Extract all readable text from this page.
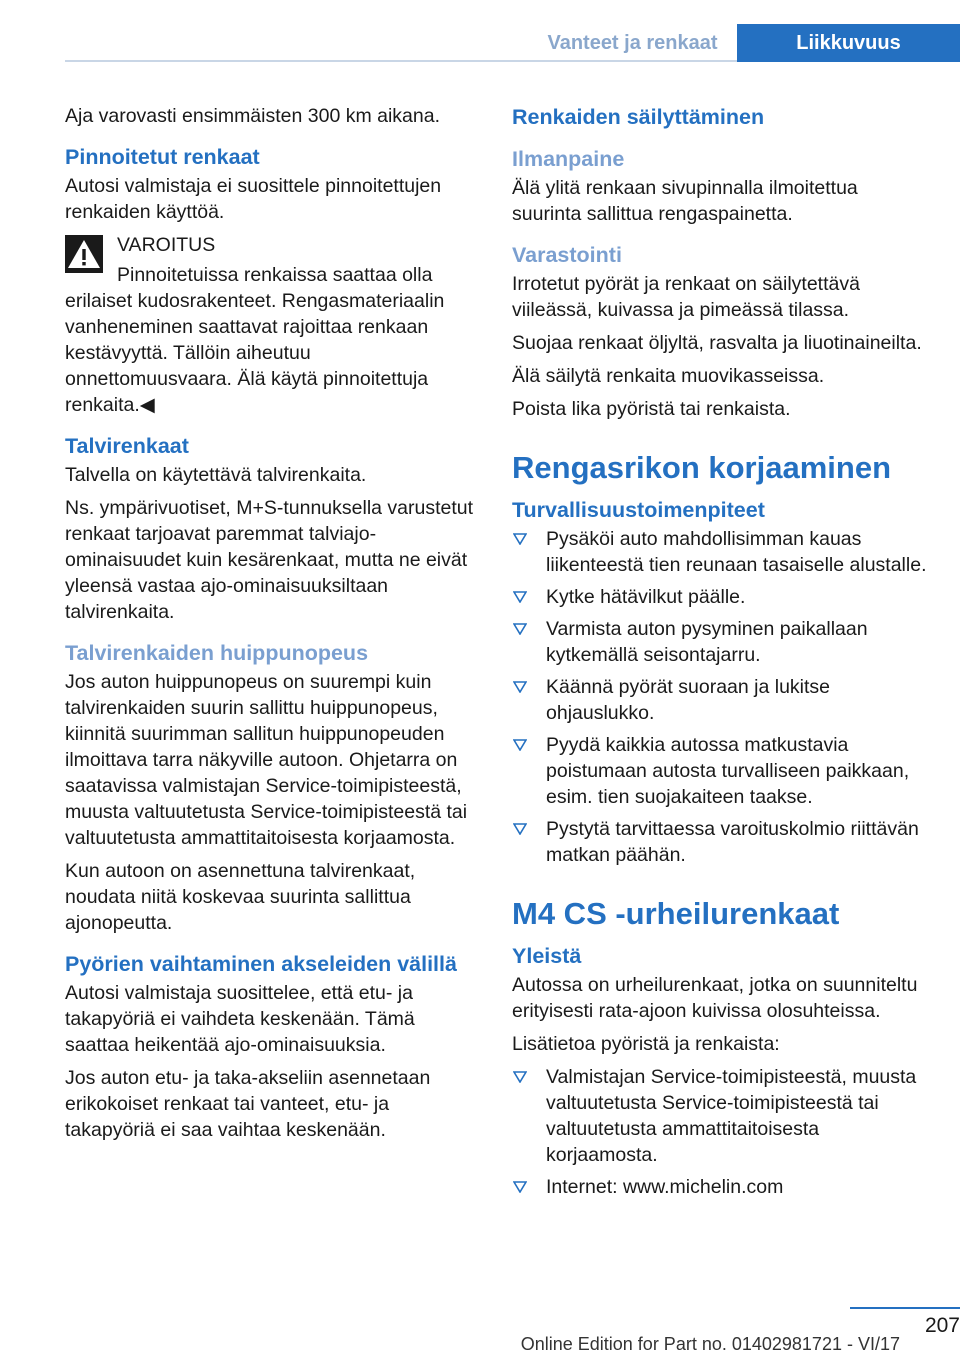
Vanteet ja renkaat	Liikkuvuus

Aja varovasti ensimmäisten 300 km aikana.

Pinnoitetut renkaat

Autosi valmistaja ei suosittele pinnoitettujen renkaiden käyttöä.

VAROITUS

Pinnoitetuissa renkaissa saattaa olla erilaiset kudosrakenteet. Rengasmateriaalin vanheneminen saattavat rajoittaa renkaan kestävyyttä. Tällöin aiheutuu onnettomuusvaara. Älä käytä pinnoitettuja renkaita.◀

Talvirenkaat

Talvella on käytettävä talvirenkaita.

Ns. ympärivuotiset, M+S-tunnuksella varustetut renkaat tarjoavat paremmat talviajo-ominaisuudet kuin kesärenkaat, mutta ne eivät yleensä vastaa ajo-ominaisuuksiltaan talvirenkaita.

Talvirenkaiden huippunopeus

Jos auton huippunopeus on suurempi kuin talvirenkaiden suurin sallittu huippunopeus, kiinnitä suurimman sallitun huippunopeuden ilmoittava tarra näkyville autoon. Ohjetarra on saatavissa valmistajan Service-toimipisteestä, muusta valtuutetusta Service-toimipisteestä tai valtuutetusta ammattitaitoisesta korjaamosta.

Kun autoon on asennettuna talvirenkaat, noudata niitä koskevaa suurinta sallittua ajonopeutta.

Pyörien vaihtaminen akseleiden välillä

Autosi valmistaja suosittelee, että etu- ja takapyöriä ei vaihdeta keskenään. Tämä saattaa heikentää ajo-ominaisuuksia.

Jos auton etu- ja taka-akseliin asennetaan erikokoiset renkaat tai vanteet, etu- ja takapyöriä ei saa vaihtaa keskenään.

Renkaiden säilyttäminen
Ilmanpaine

Älä ylitä renkaan sivupinnalla ilmoitettua suurinta sallittua rengaspainetta.

Varastointi

Irrotetut pyörät ja renkaat on säilytettävä viileässä, kuivassa ja pimeässä tilassa.

Suojaa renkaat öljyltä, rasvalta ja liuotinaineilta.

Älä säilytä renkaita muovikasseissa.

Poista lika pyöristä tai renkaista.

Rengasrikon korjaaminen
Turvallisuustoimenpiteet
Pysäköi auto mahdollisimman kauas liikenteestä tien reunaan tasaiselle alustalle.
Kytke hätävilkut päälle.
Varmista auton pysyminen paikallaan kytkemällä seisontajarru.
Käännä pyörät suoraan ja lukitse ohjauslukko.
Pyydä kaikkia autossa matkustavia poistumaan autosta turvalliseen paikkaan, esim. tien suojakaiteen taakse.
Pystytä tarvittaessa varoituskolmio riittävän matkan päähän.
M4 CS -urheilurenkaat
Yleistä

Autossa on urheilurenkaat, jotka on suunniteltu erityisesti rata-ajoon kuivissa olosuhteissa.

Lisätietoa pyöristä ja renkaista:

Valmistajan Service-toimipisteestä, muusta valtuutetusta Service-toimipisteestä tai valtuutetusta ammattitaitoisesta korjaamosta.
Internet: www.michelin.com
207
Online Edition for Part no. 01402981721 - VI/17
